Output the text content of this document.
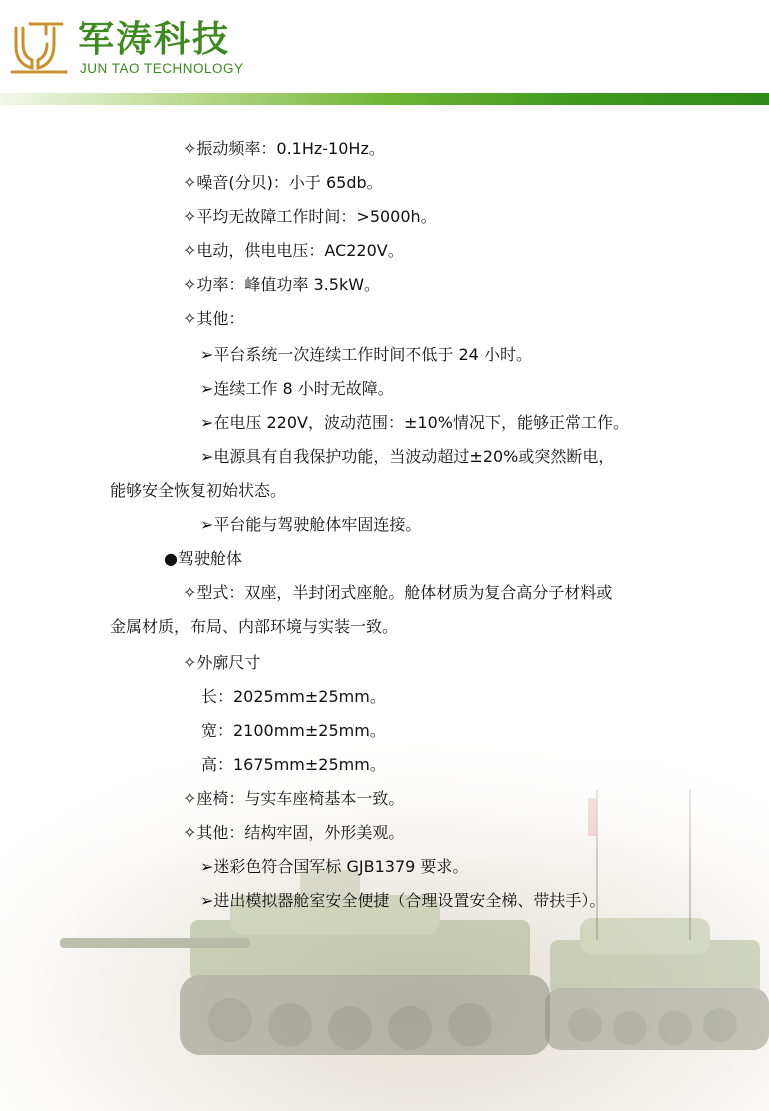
军涛科技
JUN TAO TECHNOLOGY
✧振动频率：0.1Hz-10Hz。
✧噪音(分贝)：小于 65db。
✧平均无故障工作时间：>5000h。
✧电动，供电电压：AC220V。
✧功率：峰值功率 3.5kW。
✧其他：
➢平台系统一次连续工作时间不低于 24 小时。
➢连续工作 8 小时无故障。
➢在电压 220V，波动范围：±10%情况下，能够正常工作。
➢电源具有自我保护功能，当波动超过±20%或突然断电，
能够安全恢复初始状态。
➢平台能与驾驶舱体牢固连接。
●驾驶舱体
✧型式：双座，半封闭式座舱。舱体材质为复合高分子材料或
金属材质，布局、内部环境与实装一致。
✧外廓尺寸
长：2025mm±25mm。
宽：2100mm±25mm。
高：1675mm±25mm。
✧座椅：与实车座椅基本一致。
✧其他：结构牢固，外形美观。
➢迷彩色符合国军标 GJB1379 要求。
➢进出模拟器舱室安全便捷（合理设置安全梯、带扶手）。
